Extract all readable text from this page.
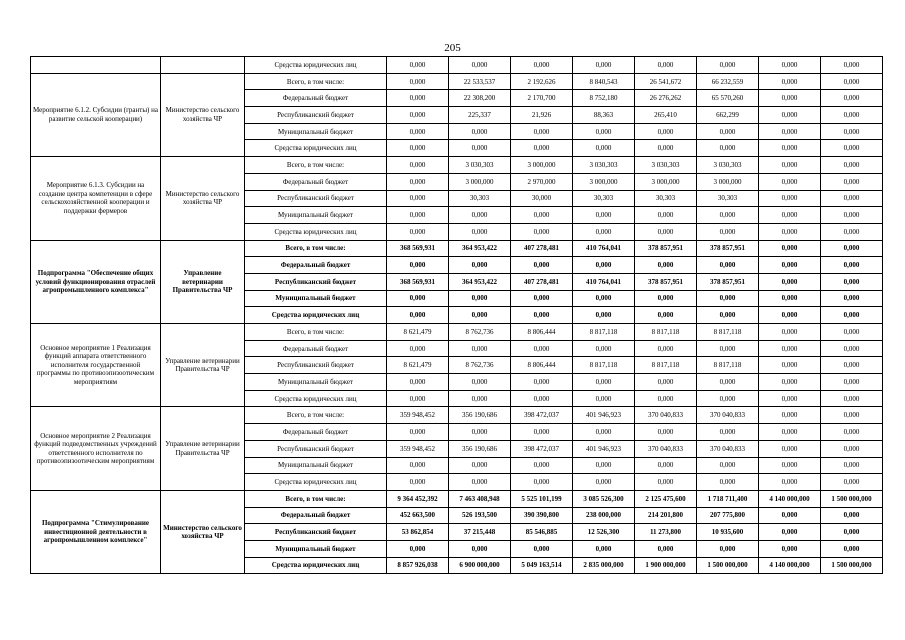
205
		Средства юридических лиц	0,000	0,000	0,000	0,000	0,000	0,000	0,000	0,000
Мероприятие 6.1.2. Субсидии (гранты) на развитие сельской кооперации)	Министерство сельского хозяйства ЧР	Всего, в том числе:	0,000	22 533,537	2 192,626	8 840,543	26 541,672	66 232,559	0,000	0,000
		Федеральный бюджет	0,000	22 308,200	2 170,700	8 752,180	26 276,262	65 570,260	0,000	0,000
		Республиканский бюджет	0,000	225,337	21,926	88,363	265,410	662,299	0,000	0,000
		Муниципальный бюджет	0,000	0,000	0,000	0,000	0,000	0,000	0,000	0,000
		Средства юридических лиц	0,000	0,000	0,000	0,000	0,000	0,000	0,000	0,000
Мероприятие 6.1.3. Субсидии на создание центра компетенции в сфере сельскохозяйственной кооперации и поддержки фермеров	Министерство сельского хозяйства ЧР	Всего, в том числе:	0,000	3 030,303	3 000,000	3 030,303	3 030,303	3 030,303	0,000	0,000
		Федеральный бюджет	0,000	3 000,000	2 970,000	3 000,000	3 000,000	3 000,000	0,000	0,000
		Республиканский бюджет	0,000	30,303	30,000	30,303	30,303	30,303	0,000	0,000
		Муниципальный бюджет	0,000	0,000	0,000	0,000	0,000	0,000	0,000	0,000
		Средства юридических лиц	0,000	0,000	0,000	0,000	0,000	0,000	0,000	0,000
Подпрограмма "Обеспечение общих условий функционирования отраслей агропромышленного комплекса"	Управление ветеринарии Правительства ЧР	Всего, в том числе:	368 569,931	364 953,422	407 278,481	410 764,041	378 857,951	378 857,951	0,000	0,000
		Федеральный бюджет	0,000	0,000	0,000	0,000	0,000	0,000	0,000	0,000
		Республиканский бюджет	368 569,931	364 953,422	407 278,481	410 764,041	378 857,951	378 857,951	0,000	0,000
		Муниципальный бюджет	0,000	0,000	0,000	0,000	0,000	0,000	0,000	0,000
		Средства юридических лиц	0,000	0,000	0,000	0,000	0,000	0,000	0,000	0,000
Основное мероприятие 1 Реализация функций аппарата ответственного исполнителя государственной программы по противоэпизоотическим мероприятиям	Управление ветеринарии Правительства ЧР	Всего, в том числе:	8 621,479	8 762,736	8 806,444	8 817,118	8 817,118	8 817,118	0,000	0,000
		Федеральный бюджет	0,000	0,000	0,000	0,000	0,000	0,000	0,000	0,000
		Республиканский бюджет	8 621,479	8 762,736	8 806,444	8 817,118	8 817,118	8 817,118	0,000	0,000
		Муниципальный бюджет	0,000	0,000	0,000	0,000	0,000	0,000	0,000	0,000
		Средства юридических лиц	0,000	0,000	0,000	0,000	0,000	0,000	0,000	0,000
Основное мероприятие 2 Реализация функций подведомственных учреждений ответственного исполнителя по противоэпизоотическим мероприятиям	Управление ветеринарии Правительства ЧР	Всего, в том числе:	359 948,452	356 190,686	398 472,037	401 946,923	370 040,833	370 040,833	0,000	0,000
		Федеральный бюджет	0,000	0,000	0,000	0,000	0,000	0,000	0,000	0,000
		Республиканский бюджет	359 948,452	356 190,686	398 472,037	401 946,923	370 040,833	370 040,833	0,000	0,000
		Муниципальный бюджет	0,000	0,000	0,000	0,000	0,000	0,000	0,000	0,000
		Средства юридических лиц	0,000	0,000	0,000	0,000	0,000	0,000	0,000	0,000
Подпрограмма "Стимулирование инвестиционной деятельности в агропромышленном комплексе"	Министерство сельского хозяйства ЧР	Всего, в том числе:	9 364 452,392	7 463 408,948	5 525 101,199	3 085 526,300	2 125 475,600	1 718 711,400	4 140 000,000	1 500 000,000
		Федеральный бюджет	452 663,500	526 193,500	390 390,800	238 000,000	214 201,800	207 775,800	0,000	0,000
		Республиканский бюджет	53 862,854	37 215,448	85 546,885	12 526,300	11 273,800	10 935,600	0,000	0,000
		Муниципальный бюджет	0,000	0,000	0,000	0,000	0,000	0,000	0,000	0,000
		Средства юридических лиц	8 857 926,038	6 900 000,000	5 049 163,514	2 835 000,000	1 900 000,000	1 500 000,000	4 140 000,000	1 500 000,000
